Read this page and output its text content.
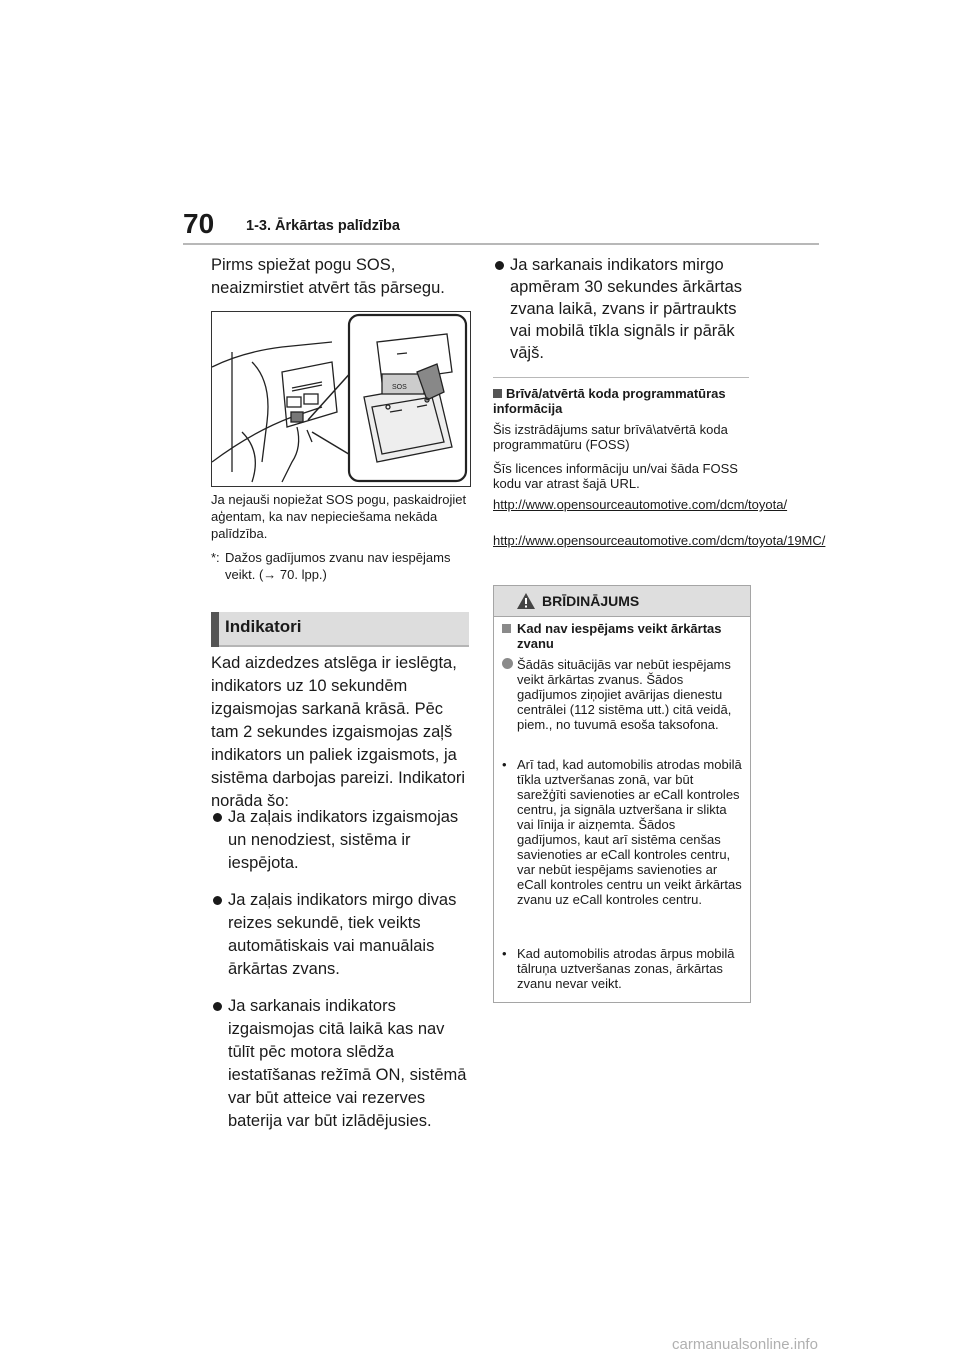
70 1-3. Ārkārtas palīdzība
Pirms spiežat pogu SOS, neaizmirstiet atvērt tās pārsegu.
SOS
Ja nejauši nopiežat SOS pogu, paskaidrojiet aģentam, ka nav nepieciešama nekāda palīdzība.
*: Dažos gadījumos zvanu nav iespējams veikt. (→ 70. lpp.)
Indikatori
Kad aizdedzes atslēga ir ieslēgta, indikators uz 10 sekundēm izgaismojas sarkanā krāsā. Pēc tam 2 sekundes izgaismojas zaļš indikators un paliek izgaismots, ja sistēma darbojas pareizi. Indikatori norāda šo:
Ja zaļais indikators izgaismojas un nenodziest, sistēma ir iespējota.
Ja zaļais indikators mirgo divas reizes sekundē, tiek veikts automātiskais vai manuālais ārkārtas zvans.
Ja sarkanais indikators izgaismojas citā laikā kas nav tūlīt pēc motora slēdža iestatīšanas režīmā ON, sistēmā var būt atteice vai rezerves baterija var būt izlādējusies.
Ja sarkanais indikators mirgo apmēram 30 sekundes ārkārtas zvana laikā, zvans ir pārtraukts vai mobilā tīkla signāls ir pārāk vājš.
Brīvā/atvērtā koda programmatūras informācija
Šis izstrādājums satur brīvā\atvērtā koda programmatūru (FOSS)
Šīs licences informāciju un/vai šāda FOSS kodu var atrast šajā URL.
http://www.opensourceautomotive.com/dcm/toyota/
http://www.opensourceautomotive.com/dcm/toyota/19MC/
BRĪDINĀJUMS
Kad nav iespējams veikt ārkārtas zvanu
Šādās situācijās var nebūt iespējams veikt ārkārtas zvanus. Šādos gadījumos ziņojiet avārijas dienestu centrālei (112 sistēma utt.) citā veidā, piem., no tuvumā esoša taksofona.
• Arī tad, kad automobilis atrodas mobilā tīkla uztveršanas zonā, var būt sarežģīti savienoties ar eCall kontroles centru, ja signāla uztveršana ir slikta vai līnija ir aizņemta. Šādos gadījumos, kaut arī sistēma cenšas savienoties ar eCall kontroles centru, var nebūt iespējams savienoties ar eCall kontroles centru un veikt ārkārtas zvanu uz eCall kontroles centru.
• Kad automobilis atrodas ārpus mobilā tālruņa uztveršanas zonas, ārkārtas zvanu nevar veikt.
carmanualsonline.info
